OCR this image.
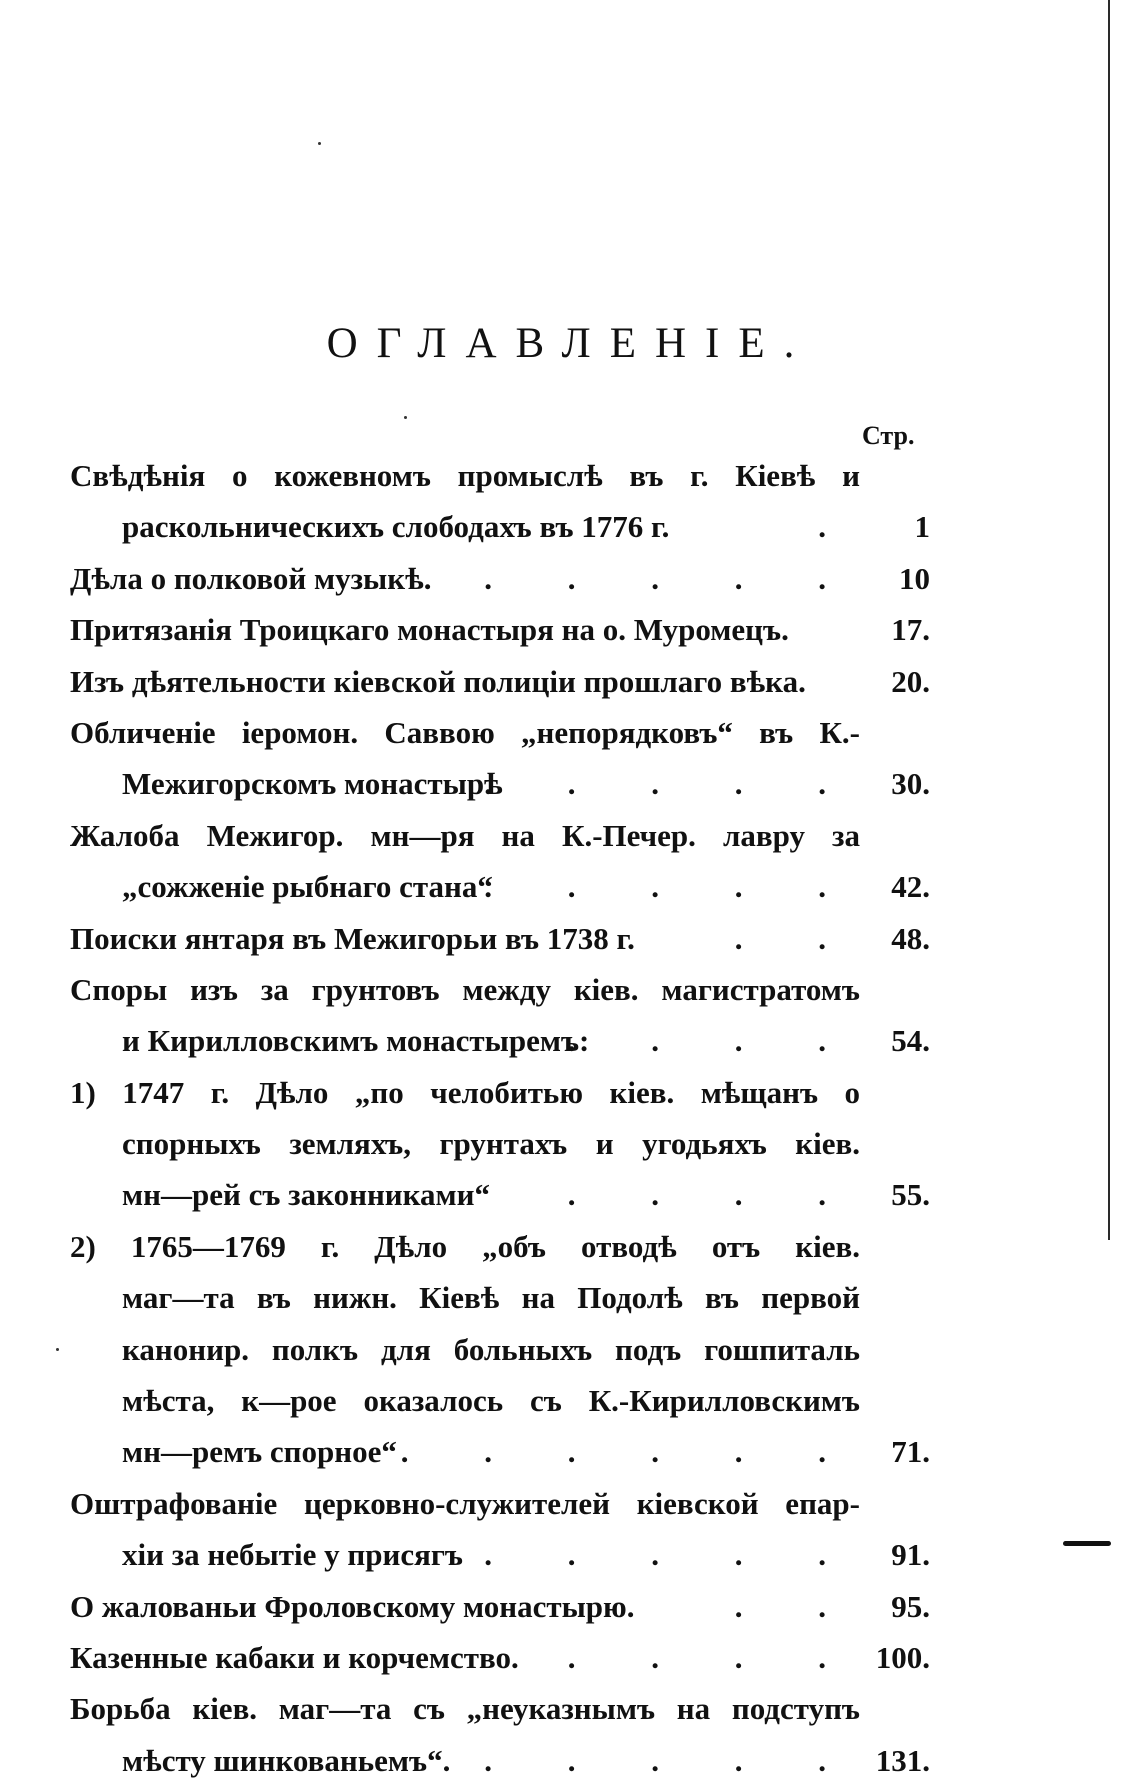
ОГЛАВЛЕНІЕ.
Стр.
Свѣдѣнія о кожевномъ промыслѣ въ г. Кіевѣ и
раскольническихъ слободахъ въ 1776 г.	.	1
Дѣла о полковой музыкѣ. . . . . .	10
Притязанія Троицкаго монастыря на о. Муромецъ.	17.
Изъ дѣятельности кіевской полиціи прошлаго вѣка.	20.
Обличеніе іеромон. Саввою „непорядковъ“ въ К.-
Межигорскомъ монастырѣ
. . . . .	30.
Жалоба Межигор. мн—ря на К.-Печер. лавру за
„сожженіе рыбнаго стана“
. . . . .	42.
Поиски янтаря въ Межигорьи въ 1738 г.	. .	48.
Споры изъ за грунтовъ между кіев. магистратомъ
и Кирилловскимъ монастыремъ:
. . . .	54.
1) 1747 г. Дѣло „по челобитью кіев. мѣщанъ о
спорныхъ земляхъ, грунтахъ и угодьяхъ кіев.
мн—рей съ законниками“	. . . .	55.
2) 1765—1769 г. Дѣло „объ отводѣ отъ кіев.
маг—та въ нижн. Кіевѣ на Подолѣ въ первой
канонир. полкъ для больныхъ подъ гошпиталь
мѣста, к—рое оказалось съ К.-Кирилловскимъ
мн—ремъ спорное“ . . . . . .	71.
Оштрафованіе церковно-служителей кіевской епар-
хіи за небытіе у присягъ . . . . .	91.
О жалованьи Фроловскому монастырю.	. .	95.
Казенные кабаки и корчемство. . . . . 100.
Борьба кіев. маг—та съ „неуказнымъ на подступъ
мѣсту шинкованьемъ“. . . . . . 131.
